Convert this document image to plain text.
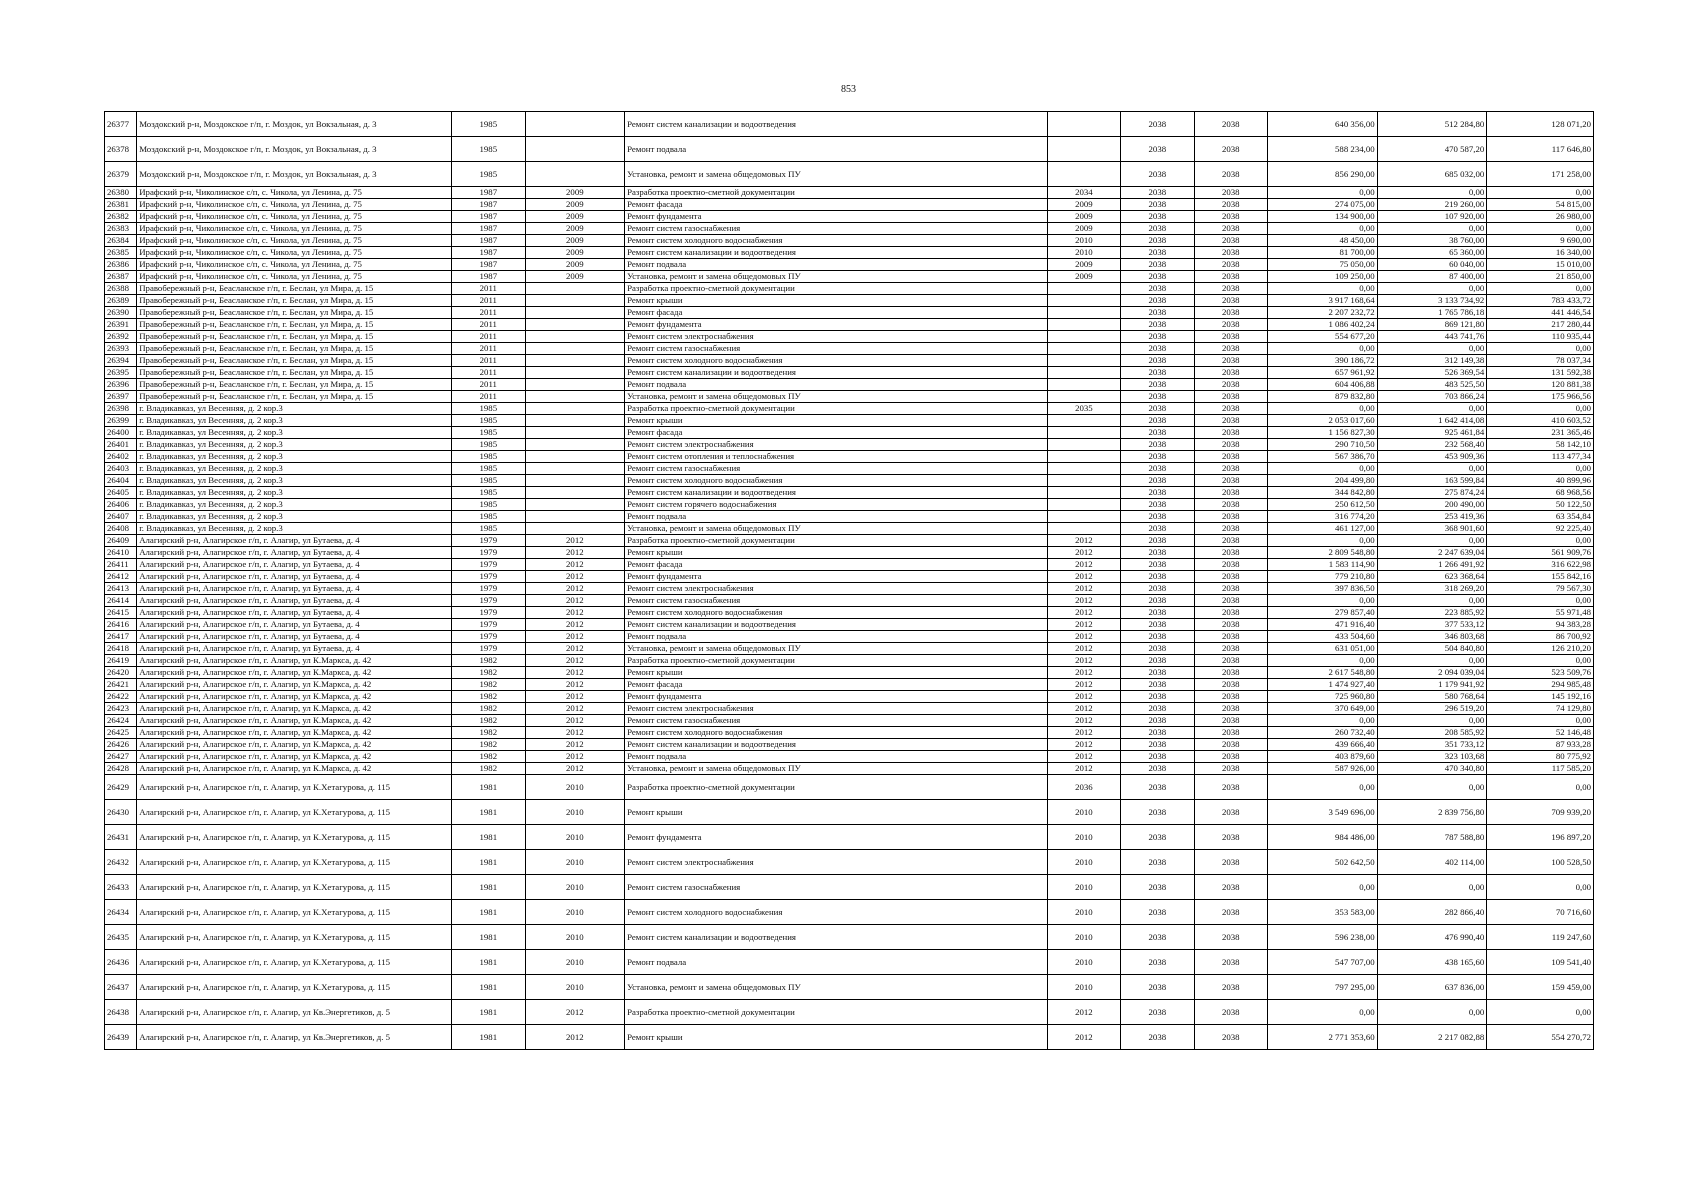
853
26377	Моздокский р-н, Моздокское г/п, г. Моздок, ул Вокзальная, д. 3	1985		Ремонт систем канализации и водоотведения		2038	2038	640 356,00	512 284,80	128 071,20
26378	Моздокский р-н, Моздокское г/п, г. Моздок, ул Вокзальная, д. 3	1985		Ремонт подвала		2038	2038	588 234,00	470 587,20	117 646,80
26379	Моздокский р-н, Моздокское г/п, г. Моздок, ул Вокзальная, д. 3	1985		Установка, ремонт и замена общедомовых ПУ		2038	2038	856 290,00	685 032,00	171 258,00
26380	Ирафский р-н, Чиколинское с/п, с. Чикола, ул Ленина, д. 75	1987	2009	Разработка проектно-сметной документации	2034	2038	2038	0,00	0,00	0,00
26381	Ирафский р-н, Чиколинское с/п, с. Чикола, ул Ленина, д. 75	1987	2009	Ремонт фасада	2009	2038	2038	274 075,00	219 260,00	54 815,00
26382	Ирафский р-н, Чиколинское с/п, с. Чикола, ул Ленина, д. 75	1987	2009	Ремонт фундамента	2009	2038	2038	134 900,00	107 920,00	26 980,00
26383	Ирафский р-н, Чиколинское с/п, с. Чикола, ул Ленина, д. 75	1987	2009	Ремонт систем газоснабжения	2009	2038	2038	0,00	0,00	0,00
26384	Ирафский р-н, Чиколинское с/п, с. Чикола, ул Ленина, д. 75	1987	2009	Ремонт систем холодного водоснабжения	2010	2038	2038	48 450,00	38 760,00	9 690,00
26385	Ирафский р-н, Чиколинское с/п, с. Чикола, ул Ленина, д. 75	1987	2009	Ремонт систем канализации и водоотведения	2010	2038	2038	81 700,00	65 360,00	16 340,00
26386	Ирафский р-н, Чиколинское с/п, с. Чикола, ул Ленина, д. 75	1987	2009	Ремонт подвала	2009	2038	2038	75 050,00	60 040,00	15 010,00
26387	Ирафский р-н, Чиколинское с/п, с. Чикола, ул Ленина, д. 75	1987	2009	Установка, ремонт и замена общедомовых ПУ	2009	2038	2038	109 250,00	87 400,00	21 850,00
26388	Правобережный р-н, Беасланское г/п, г. Беслан, ул Мира, д. 15	2011		Разработка проектно-сметной документации		2038	2038	0,00	0,00	0,00
26389	Правобережный р-н, Беасланское г/п, г. Беслан, ул Мира, д. 15	2011		Ремонт крыши		2038	2038	3 917 168,64	3 133 734,92	783 433,72
26390	Правобережный р-н, Беасланское г/п, г. Беслан, ул Мира, д. 15	2011		Ремонт фасада		2038	2038	2 207 232,72	1 765 786,18	441 446,54
26391	Правобережный р-н, Беасланское г/п, г. Беслан, ул Мира, д. 15	2011		Ремонт фундамента		2038	2038	1 086 402,24	869 121,80	217 280,44
26392	Правобережный р-н, Беасланское г/п, г. Беслан, ул Мира, д. 15	2011		Ремонт систем электроснабжения		2038	2038	554 677,20	443 741,76	110 935,44
26393	Правобережный р-н, Беасланское г/п, г. Беслан, ул Мира, д. 15	2011		Ремонт систем газоснабжения		2038	2038	0,00	0,00	0,00
26394	Правобережный р-н, Беасланское г/п, г. Беслан, ул Мира, д. 15	2011		Ремонт систем холодного водоснабжения		2038	2038	390 186,72	312 149,38	78 037,34
26395	Правобережный р-н, Беасланское г/п, г. Беслан, ул Мира, д. 15	2011		Ремонт систем канализации и водоотведения		2038	2038	657 961,92	526 369,54	131 592,38
26396	Правобережный р-н, Беасланское г/п, г. Беслан, ул Мира, д. 15	2011		Ремонт подвала		2038	2038	604 406,88	483 525,50	120 881,38
26397	Правобережный р-н, Беасланское г/п, г. Беслан, ул Мира, д. 15	2011		Установка, ремонт и замена общедомовых ПУ		2038	2038	879 832,80	703 866,24	175 966,56
26398	г. Владикавказ, ул Весенняя, д. 2 кор.3	1985		Разработка проектно-сметной документации	2035	2038	2038	0,00	0,00	0,00
26399	г. Владикавказ, ул Весенняя, д. 2 кор.3	1985		Ремонт крыши		2038	2038	2 053 017,60	1 642 414,08	410 603,52
26400	г. Владикавказ, ул Весенняя, д. 2 кор.3	1985		Ремонт фасада		2038	2038	1 156 827,30	925 461,84	231 365,46
26401	г. Владикавказ, ул Весенняя, д. 2 кор.3	1985		Ремонт систем электроснабжения		2038	2038	290 710,50	232 568,40	58 142,10
26402	г. Владикавказ, ул Весенняя, д. 2 кор.3	1985		Ремонт систем отопления и теплоснабжения		2038	2038	567 386,70	453 909,36	113 477,34
26403	г. Владикавказ, ул Весенняя, д. 2 кор.3	1985		Ремонт систем газоснабжения		2038	2038	0,00	0,00	0,00
26404	г. Владикавказ, ул Весенняя, д. 2 кор.3	1985		Ремонт систем холодного водоснабжения		2038	2038	204 499,80	163 599,84	40 899,96
26405	г. Владикавказ, ул Весенняя, д. 2 кор.3	1985		Ремонт систем канализации и водоотведения		2038	2038	344 842,80	275 874,24	68 968,56
26406	г. Владикавказ, ул Весенняя, д. 2 кор.3	1985		Ремонт систем горячего водоснабжения		2038	2038	250 612,50	200 490,00	50 122,50
26407	г. Владикавказ, ул Весенняя, д. 2 кор.3	1985		Ремонт подвала		2038	2038	316 774,20	253 419,36	63 354,84
26408	г. Владикавказ, ул Весенняя, д. 2 кор.3	1985		Установка, ремонт и замена общедомовых ПУ		2038	2038	461 127,00	368 901,60	92 225,40
26409	Алагирский р-н, Алагирское г/п, г. Алагир, ул Бутаева, д. 4	1979	2012	Разработка проектно-сметной документации	2012	2038	2038	0,00	0,00	0,00
26410	Алагирский р-н, Алагирское г/п, г. Алагир, ул Бутаева, д. 4	1979	2012	Ремонт крыши	2012	2038	2038	2 809 548,80	2 247 639,04	561 909,76
26411	Алагирский р-н, Алагирское г/п, г. Алагир, ул Бутаева, д. 4	1979	2012	Ремонт фасада	2012	2038	2038	1 583 114,90	1 266 491,92	316 622,98
26412	Алагирский р-н, Алагирское г/п, г. Алагир, ул Бутаева, д. 4	1979	2012	Ремонт фундамента	2012	2038	2038	779 210,80	623 368,64	155 842,16
26413	Алагирский р-н, Алагирское г/п, г. Алагир, ул Бутаева, д. 4	1979	2012	Ремонт систем электроснабжения	2012	2038	2038	397 836,50	318 269,20	79 567,30
26414	Алагирский р-н, Алагирское г/п, г. Алагир, ул Бутаева, д. 4	1979	2012	Ремонт систем газоснабжения	2012	2038	2038	0,00	0,00	0,00
26415	Алагирский р-н, Алагирское г/п, г. Алагир, ул Бутаева, д. 4	1979	2012	Ремонт систем холодного водоснабжения	2012	2038	2038	279 857,40	223 885,92	55 971,48
26416	Алагирский р-н, Алагирское г/п, г. Алагир, ул Бутаева, д. 4	1979	2012	Ремонт систем канализации и водоотведения	2012	2038	2038	471 916,40	377 533,12	94 383,28
26417	Алагирский р-н, Алагирское г/п, г. Алагир, ул Бутаева, д. 4	1979	2012	Ремонт подвала	2012	2038	2038	433 504,60	346 803,68	86 700,92
26418	Алагирский р-н, Алагирское г/п, г. Алагир, ул Бутаева, д. 4	1979	2012	Установка, ремонт и замена общедомовых ПУ	2012	2038	2038	631 051,00	504 840,80	126 210,20
26419	Алагирский р-н, Алагирское г/п, г. Алагир, ул К.Маркса, д. 42	1982	2012	Разработка проектно-сметной документации	2012	2038	2038	0,00	0,00	0,00
26420	Алагирский р-н, Алагирское г/п, г. Алагир, ул К.Маркса, д. 42	1982	2012	Ремонт крыши	2012	2038	2038	2 617 548,80	2 094 039,04	523 509,76
26421	Алагирский р-н, Алагирское г/п, г. Алагир, ул К.Маркса, д. 42	1982	2012	Ремонт фасада	2012	2038	2038	1 474 927,40	1 179 941,92	294 985,48
26422	Алагирский р-н, Алагирское г/п, г. Алагир, ул К.Маркса, д. 42	1982	2012	Ремонт фундамента	2012	2038	2038	725 960,80	580 768,64	145 192,16
26423	Алагирский р-н, Алагирское г/п, г. Алагир, ул К.Маркса, д. 42	1982	2012	Ремонт систем электроснабжения	2012	2038	2038	370 649,00	296 519,20	74 129,80
26424	Алагирский р-н, Алагирское г/п, г. Алагир, ул К.Маркса, д. 42	1982	2012	Ремонт систем газоснабжения	2012	2038	2038	0,00	0,00	0,00
26425	Алагирский р-н, Алагирское г/п, г. Алагир, ул К.Маркса, д. 42	1982	2012	Ремонт систем холодного водоснабжения	2012	2038	2038	260 732,40	208 585,92	52 146,48
26426	Алагирский р-н, Алагирское г/п, г. Алагир, ул К.Маркса, д. 42	1982	2012	Ремонт систем канализации и водоотведения	2012	2038	2038	439 666,40	351 733,12	87 933,28
26427	Алагирский р-н, Алагирское г/п, г. Алагир, ул К.Маркса, д. 42	1982	2012	Ремонт подвала	2012	2038	2038	403 879,60	323 103,68	80 775,92
26428	Алагирский р-н, Алагирское г/п, г. Алагир, ул К.Маркса, д. 42	1982	2012	Установка, ремонт и замена общедомовых ПУ	2012	2038	2038	587 926,00	470 340,80	117 585,20
26429	Алагирский р-н, Алагирское г/п, г. Алагир, ул К.Хетагурова, д. 115	1981	2010	Разработка проектно-сметной документации	2036	2038	2038	0,00	0,00	0,00
26430	Алагирский р-н, Алагирское г/п, г. Алагир, ул К.Хетагурова, д. 115	1981	2010	Ремонт крыши	2010	2038	2038	3 549 696,00	2 839 756,80	709 939,20
26431	Алагирский р-н, Алагирское г/п, г. Алагир, ул К.Хетагурова, д. 115	1981	2010	Ремонт фундамента	2010	2038	2038	984 486,00	787 588,80	196 897,20
26432	Алагирский р-н, Алагирское г/п, г. Алагир, ул К.Хетагурова, д. 115	1981	2010	Ремонт систем электроснабжения	2010	2038	2038	502 642,50	402 114,00	100 528,50
26433	Алагирский р-н, Алагирское г/п, г. Алагир, ул К.Хетагурова, д. 115	1981	2010	Ремонт систем газоснабжения	2010	2038	2038	0,00	0,00	0,00
26434	Алагирский р-н, Алагирское г/п, г. Алагир, ул К.Хетагурова, д. 115	1981	2010	Ремонт систем холодного водоснабжения	2010	2038	2038	353 583,00	282 866,40	70 716,60
26435	Алагирский р-н, Алагирское г/п, г. Алагир, ул К.Хетагурова, д. 115	1981	2010	Ремонт систем канализации и водоотведения	2010	2038	2038	596 238,00	476 990,40	119 247,60
26436	Алагирский р-н, Алагирское г/п, г. Алагир, ул К.Хетагурова, д. 115	1981	2010	Ремонт подвала	2010	2038	2038	547 707,00	438 165,60	109 541,40
26437	Алагирский р-н, Алагирское г/п, г. Алагир, ул К.Хетагурова, д. 115	1981	2010	Установка, ремонт и замена общедомовых ПУ	2010	2038	2038	797 295,00	637 836,00	159 459,00
26438	Алагирский р-н, Алагирское г/п, г. Алагир, ул Кв.Энергетиков, д. 5	1981	2012	Разработка проектно-сметной документации	2012	2038	2038	0,00	0,00	0,00
26439	Алагирский р-н, Алагирское г/п, г. Алагир, ул Кв.Энергетиков, д. 5	1981	2012	Ремонт крыши	2012	2038	2038	2 771 353,60	2 217 082,88	554 270,72
